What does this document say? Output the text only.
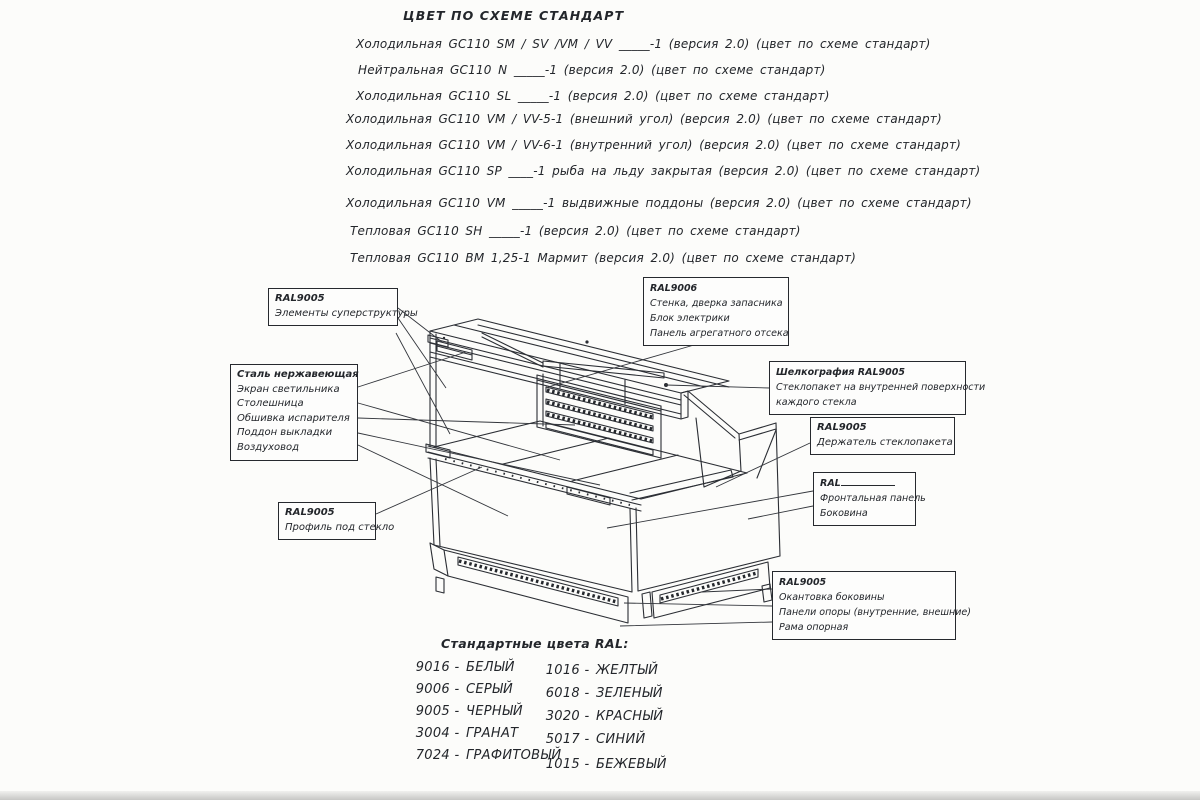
ЦВЕТ ПО СХЕМЕ СТАНДАРТ
Холодильная GC110 SM / SV /VM / VV _____-1 (версия 2.0) (цвет по схеме стандарт)
Нейтральная GC110 N _____-1 (версия 2.0) (цвет по схеме стандарт)
Холодильная GC110 SL _____-1 (версия 2.0) (цвет по схеме стандарт)
Холодильная GC110 VM / VV-5-1 (внешний угол) (версия 2.0) (цвет по схеме стандарт)
Холодильная GC110 VM / VV-6-1 (внутренний угол) (версия 2.0) (цвет по схеме стандарт)
Холодильная GC110 SP ____-1 рыба на льду закрытая (версия 2.0) (цвет по схеме стандарт)
Холодильная GC110 VM _____-1 выдвижные поддоны (версия 2.0) (цвет по схеме стандарт)
Тепловая GC110 SH _____-1 (версия 2.0) (цвет по схеме стандарт)
Тепловая GC110 ВМ 1,25-1 Мармит (версия 2.0) (цвет по схеме стандарт)
RAL9005
Элементы суперструктуры
Сталь нержавеющая
Экран светильника
Столешница
Обшивка испарителя
Поддон выкладки
Воздуховод
RAL9006
Стенка, дверка запасника
Блок электрики
Панель агрегатного отсека
Шелкография RAL9005
Стеклопакет на внутренней поверхности
каждого стекла
RAL9005
Держатель стеклопакета
RAL
Фронтальная панель
Боковина
RAL9005
Профиль под стекло
RAL9005
Окантовка боковины
Панели опоры (внутренние, внешние)
Рама опорная
Стандартные цвета RAL:
9016 - БЕЛЫЙ
9006 - СЕРЫЙ
9005 - ЧЕРНЫЙ
3004 - ГРАНАТ
7024 - ГРАФИТОВЫЙ
1016 - ЖЕЛТЫЙ
6018 - ЗЕЛЕНЫЙ
3020 - КРАСНЫЙ
5017 - СИНИЙ
1015 - БЕЖЕВЫЙ
